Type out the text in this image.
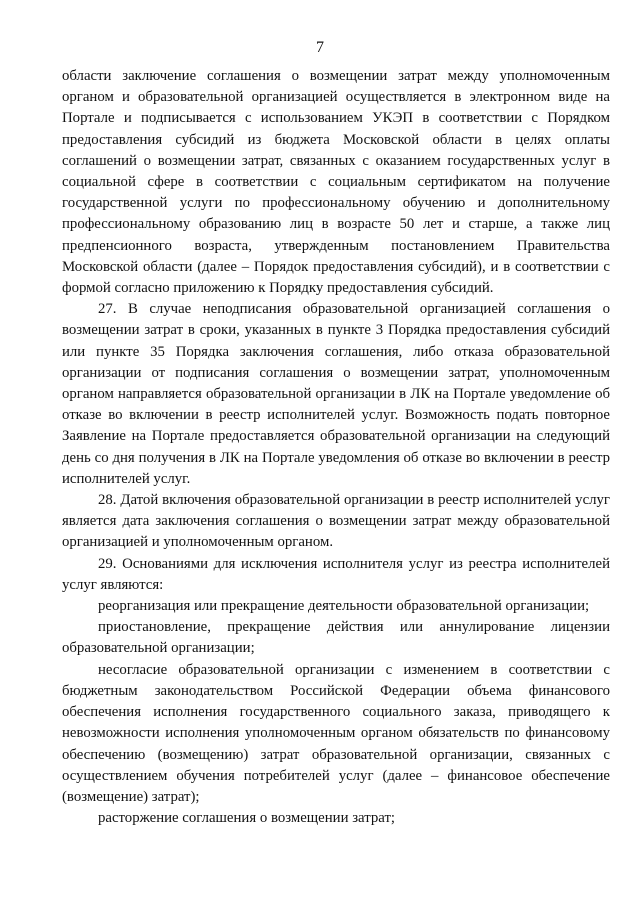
7

области заключение соглашения о возмещении затрат между уполномоченным органом и образовательной организацией осуществляется в электронном виде на Портале и подписывается с использованием УКЭП в соответствии с Порядком предоставления субсидий из бюджета Московской области в целях оплаты соглашений о возмещении затрат, связанных с оказанием государственных услуг в социальной сфере в соответствии с социальным сертификатом на получение государственной услуги по профессиональному обучению и дополнительному профессиональному образованию лиц в возрасте 50 лет и старше, а также лиц предпенсионного возраста, утвержденным постановлением Правительства Московской области (далее – Порядок предоставления субсидий), и в соответствии с формой согласно приложению к Порядку предоставления субсидий.

27. В случае неподписания образовательной организацией соглашения о возмещении затрат в сроки, указанных в пункте 3 Порядка предоставления субсидий или пункте 35 Порядка заключения соглашения, либо отказа образовательной организации от подписания соглашения о возмещении затрат, уполномоченным органом направляется образовательной организации в ЛК на Портале уведомление об отказе во включении в реестр исполнителей услуг. Возможность подать повторное Заявление на Портале предоставляется образовательной организации на следующий день со дня получения в ЛК на Портале уведомления об отказе во включении в реестр исполнителей услуг.

28. Датой включения образовательной организации в реестр исполнителей услуг является дата заключения соглашения о возмещении затрат между образовательной организацией и уполномоченным органом.

29. Основаниями для исключения исполнителя услуг из реестра исполнителей услуг являются:

реорганизация или прекращение деятельности образовательной организации;

приостановление, прекращение действия или аннулирование лицензии образовательной организации;

несогласие образовательной организации с изменением в соответствии с бюджетным законодательством Российской Федерации объема финансового обеспечения исполнения государственного социального заказа, приводящего к невозможности исполнения уполномоченным органом обязательств по финансовому обеспечению (возмещению) затрат образовательной организации, связанных с осуществлением обучения потребителей услуг (далее – финансовое обеспечение (возмещение) затрат);

расторжение соглашения о возмещении затрат;
